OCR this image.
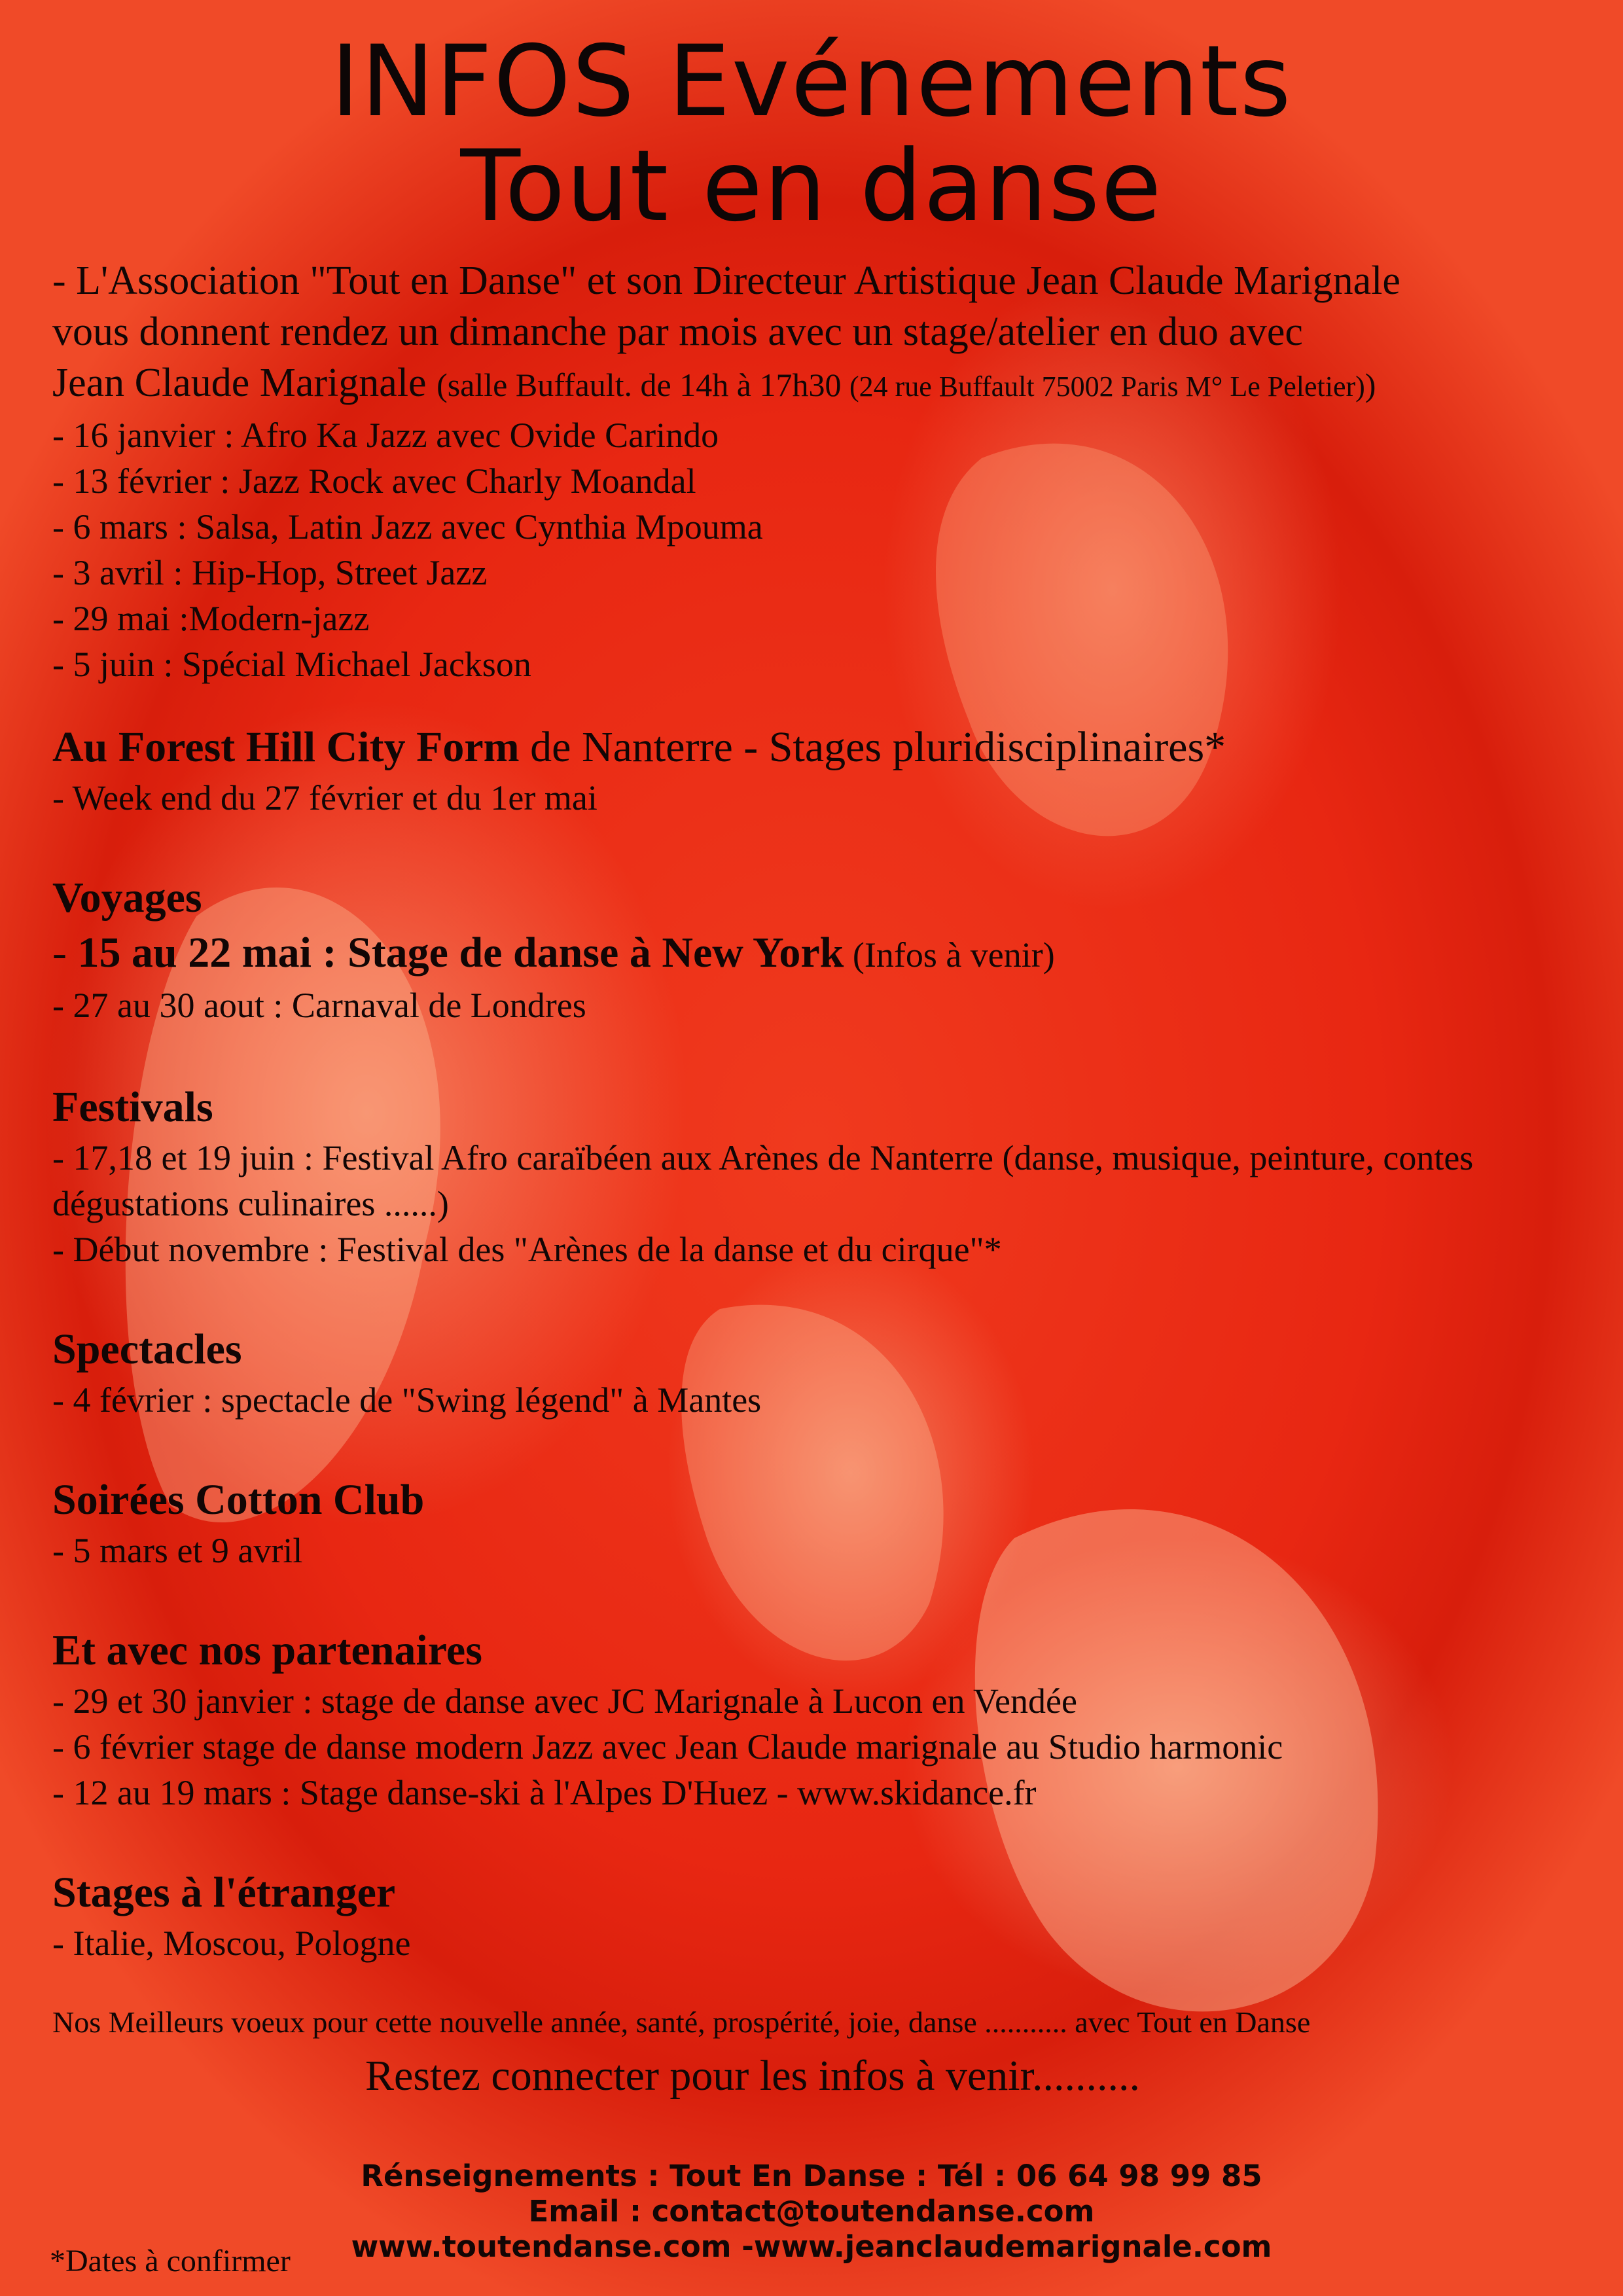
INFOS Evénements
Tout en danse
- L'Association "Tout en Danse" et son Directeur Artistique Jean Claude Marignale
vous donnent rendez un dimanche par mois avec un stage/atelier en duo avec
Jean Claude Marignale (salle Buffault. de 14h à 17h30 (24 rue Buffault 75002 Paris M° Le Peletier))
- 16 janvier : Afro Ka Jazz avec Ovide Carindo
- 13 février : Jazz Rock avec Charly Moandal
- 6 mars : Salsa, Latin Jazz avec Cynthia Mpouma
- 3 avril : Hip-Hop, Street Jazz
- 29 mai :Modern-jazz
- 5 juin : Spécial Michael Jackson
Au Forest Hill City Form de Nanterre - Stages pluridisciplinaires*
- Week end du 27 février et du 1er mai
Voyages
- 15 au 22 mai : Stage de danse à New York (Infos à venir)
- 27 au 30 aout : Carnaval de Londres
Festivals
- 17,18 et 19 juin : Festival Afro caraïbéen aux Arènes de Nanterre (danse, musique, peinture, contes
dégustations culinaires ......)
- Début novembre : Festival des "Arènes de la danse et du cirque"*
Spectacles
- 4 février : spectacle de "Swing légend" à Mantes
Soirées Cotton Club
- 5 mars et 9 avril
Et avec nos partenaires
- 29 et 30 janvier : stage de danse avec JC Marignale à Lucon en Vendée
- 6 février stage de danse modern Jazz avec Jean Claude marignale au Studio harmonic
- 12 au 19 mars : Stage danse-ski à l'Alpes D'Huez - www.skidance.fr
Stages à l'étranger
- Italie, Moscou, Pologne
Nos Meilleurs voeux pour cette nouvelle année, santé, prospérité, joie, danse ........... avec Tout en Danse
Restez connecter pour les infos à venir..........
Rénseignements : Tout En Danse : Tél : 06 64 98 99 85
Email : contact@toutendanse.com
www.toutendanse.com -www.jeanclaudemarignale.com
*Dates à confirmer
